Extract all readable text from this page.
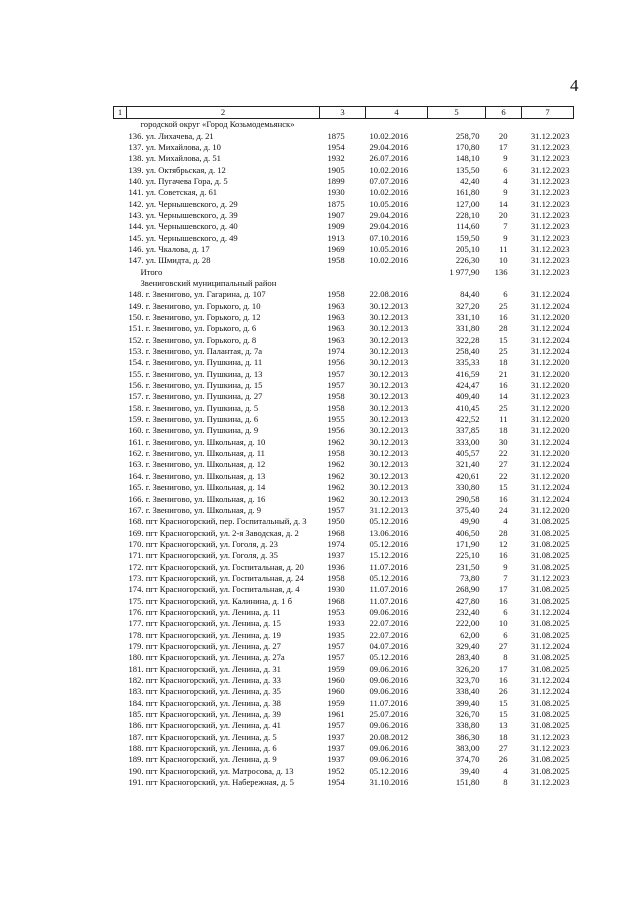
4
1	2	3	4	5	6	7
	городской округ «Город Козьмодемьянск»					
	136. ул. Лихачева, д. 21	1875	10.02.2016	258,70	20	31.12.2023
	137. ул. Михайлова, д. 10	1954	29.04.2016	170,80	17	31.12.2023
	138. ул. Михайлова, д. 51	1932	26.07.2016	148,10	9	31.12.2023
	139. ул. Октябрьская, д. 12	1905	10.02.2016	135,50	6	31.12.2023
	140. ул. Пугачева Гора, д. 5	1899	07.07.2016	42,40	4	31.12.2023
	141. ул. Советская, д. 61	1930	10.02.2016	161,80	9	31.12.2023
	142. ул. Чернышевского, д. 29	1875	10.05.2016	127,00	14	31.12.2023
	143. ул. Чернышевского, д. 39	1907	29.04.2016	228,10	20	31.12.2023
	144. ул. Чернышевского, д. 40	1909	29.04.2016	114,60	7	31.12.2023
	145. ул. Чернышевского, д. 49	1913	07.10.2016	159,50	9	31.12.2023
	146. ул. Чкалова, д. 17	1969	10.05.2016	205,10	11	31.12.2023
	147. ул. Шмидта, д. 28	1958	10.02.2016	226,30	10	31.12.2023
	Итого			1 977,90	136	31.12.2023
	Звениговский муниципальный район					
	148. г. Звенигово, ул. Гагарина, д. 107	1958	22.08.2016	84,40	6	31.12.2024
	149. г. Звенигово, ул. Горького, д. 10	1963	30.12.2013	327,20	25	31.12.2024
	150. г. Звенигово, ул. Горького, д. 12	1963	30.12.2013	331,10	16	31.12.2020
	151. г. Звенигово, ул. Горького, д. 6	1963	30.12.2013	331,80	28	31.12.2024
	152. г. Звенигово, ул. Горького, д. 8	1963	30.12.2013	322,28	15	31.12.2024
	153. г. Звенигово, ул. Палантая, д. 7а	1974	30.12.2013	258,40	25	31.12.2024
	154. г. Звенигово, ул. Пушкина, д. 11	1956	30.12.2013	335,33	18	31.12.2020
	155. г. Звенигово, ул. Пушкина, д. 13	1957	30.12.2013	416,59	21	31.12.2020
	156. г. Звенигово, ул. Пушкина, д. 15	1957	30.12.2013	424,47	16	31.12.2020
	157. г. Звенигово, ул. Пушкина, д. 27	1958	30.12.2013	409,40	14	31.12.2023
	158. г. Звенигово, ул. Пушкина, д. 5	1958	30.12.2013	410,45	25	31.12.2020
	159. г. Звенигово, ул. Пушкина, д. 6	1955	30.12.2013	422,52	11	31.12.2020
	160. г. Звенигово, ул. Пушкина, д. 9	1956	30.12.2013	337,85	18	31.12.2020
	161. г. Звенигово, ул. Школьная, д. 10	1962	30.12.2013	333,00	30	31.12.2024
	162. г. Звенигово, ул. Школьная, д. 11	1958	30.12.2013	405,57	22	31.12.2020
	163. г. Звенигово, ул. Школьная, д. 12	1962	30.12.2013	321,40	27	31.12.2024
	164. г. Звенигово, ул. Школьная, д. 13	1962	30.12.2013	420,61	22	31.12.2020
	165. г. Звенигово, ул. Школьная, д. 14	1962	30.12.2013	330,80	15	31.12.2024
	166. г. Звенигово, ул. Школьная, д. 16	1962	30.12.2013	290,58	16	31.12.2024
	167. г. Звенигово, ул. Школьная, д. 9	1957	31.12.2013	375,40	24	31.12.2020
	168. пгт Красногорский, пер. Госпитальный, д. 3	1950	05.12.2016	49,90	4	31.08.2025
	169. пгт Красногорский, ул. 2-я Заводская, д. 2	1968	13.06.2016	406,50	28	31.08.2025
	170. пгт Красногорский, ул. Гоголя, д. 23	1974	05.12.2016	171,90	12	31.08.2025
	171. пгт Красногорский, ул. Гоголя, д. 35	1937	15.12.2016	225,10	16	31.08.2025
	172. пгт Красногорский, ул. Госпитальная, д. 20	1936	11.07.2016	231,50	9	31.08.2025
	173. пгт Красногорский, ул. Госпитальная, д. 24	1958	05.12.2016	73,80	7	31.12.2023
	174. пгт Красногорский, ул. Госпитальная, д. 4	1930	11.07.2016	268,90	17	31.08.2025
	175. пгт Красногорский, ул. Калинина, д. 1 б	1968	11.07.2016	427,80	16	31.08.2025
	176. пгт Красногорский, ул. Ленина, д. 11	1953	09.06.2016	232,40	6	31.12.2024
	177. пгт Красногорский, ул. Ленина, д. 15	1933	22.07.2016	222,00	10	31.08.2025
	178. пгт Красногорский, ул. Ленина, д. 19	1935	22.07.2016	62,00	6	31.08.2025
	179. пгт Красногорский, ул. Ленина, д. 27	1957	04.07.2016	329,40	27	31.12.2024
	180. пгт Красногорский, ул. Ленина, д. 27а	1957	05.12.2016	283,40	8	31.08.2025
	181. пгт Красногорский, ул. Ленина, д. 31	1959	09.06.2016	326,20	17	31.08.2025
	182. пгт Красногорский, ул. Ленина, д. 33	1960	09.06.2016	323,70	16	31.12.2024
	183. пгт Красногорский, ул. Ленина, д. 35	1960	09.06.2016	338,40	26	31.12.2024
	184. пгт Красногорский, ул. Ленина, д. 38	1959	11.07.2016	399,40	15	31.08.2025
	185. пгт Красногорский, ул. Ленина, д. 39	1961	25.07.2016	326,70	15	31.08.2025
	186. пгт Красногорский, ул. Ленина, д. 41	1957	09.06.2016	338,80	13	31.08.2025
	187. пгт Красногорский, ул. Ленина, д. 5	1937	20.08.2012	386,30	18	31.12.2023
	188. пгт Красногорский, ул. Ленина, д. 6	1937	09.06.2016	383,00	27	31.12.2023
	189. пгт Красногорский, ул. Ленина, д. 9	1937	09.06.2016	374,70	26	31.08.2025
	190. пгт Красногорский, ул. Матросова, д. 13	1952	05.12.2016	39,40	4	31.08.2025
	191. пгт Красногорский, ул. Набережная, д. 5	1954	31.10.2016	151,80	8	31.12.2023
